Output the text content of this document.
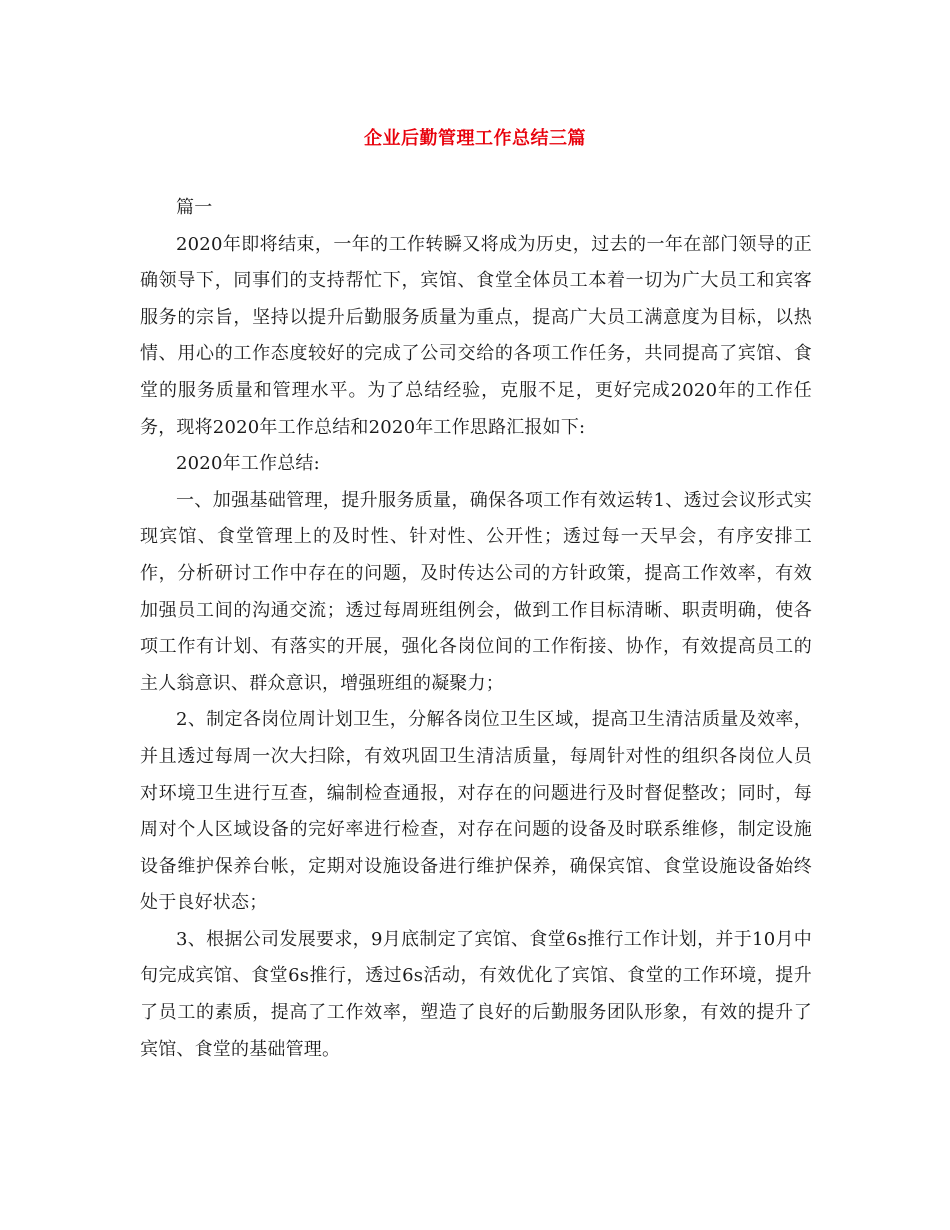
企业后勤管理工作总结三篇

篇一

2020年即将结束，一年的工作转瞬又将成为历史，过去的一年在部门领导的正确领导下，同事们的支持帮忙下，宾馆、食堂全体员工本着一切为广大员工和宾客服务的宗旨，坚持以提升后勤服务质量为重点，提高广大员工满意度为目标，以热情、用心的工作态度较好的完成了公司交给的各项工作任务，共同提高了宾馆、食堂的服务质量和管理水平。为了总结经验，克服不足，更好完成2020年的工作任务，现将2020年工作总结和2020年工作思路汇报如下:

2020年工作总结:

一、加强基础管理，提升服务质量，确保各项工作有效运转1、透过会议形式实现宾馆、食堂管理上的及时性、针对性、公开性；透过每一天早会，有序安排工作，分析研讨工作中存在的问题，及时传达公司的方针政策，提高工作效率，有效加强员工间的沟通交流；透过每周班组例会，做到工作目标清晰、职责明确，使各项工作有计划、有落实的开展，强化各岗位间的工作衔接、协作，有效提高员工的主人翁意识、群众意识，增强班组的凝聚力；

2、制定各岗位周计划卫生，分解各岗位卫生区域，提高卫生清洁质量及效率，并且透过每周一次大扫除，有效巩固卫生清洁质量，每周针对性的组织各岗位人员对环境卫生进行互查，编制检查通报，对存在的问题进行及时督促整改；同时，每周对个人区域设备的完好率进行检查，对存在问题的设备及时联系维修，制定设施设备维护保养台帐，定期对设施设备进行维护保养，确保宾馆、食堂设施设备始终处于良好状态；

3、根据公司发展要求，9月底制定了宾馆、食堂6s推行工作计划，并于10月中旬完成宾馆、食堂6s推行，透过6s活动，有效优化了宾馆、食堂的工作环境，提升了员工的素质，提高了工作效率，塑造了良好的后勤服务团队形象，有效的提升了宾馆、食堂的基础管理。
